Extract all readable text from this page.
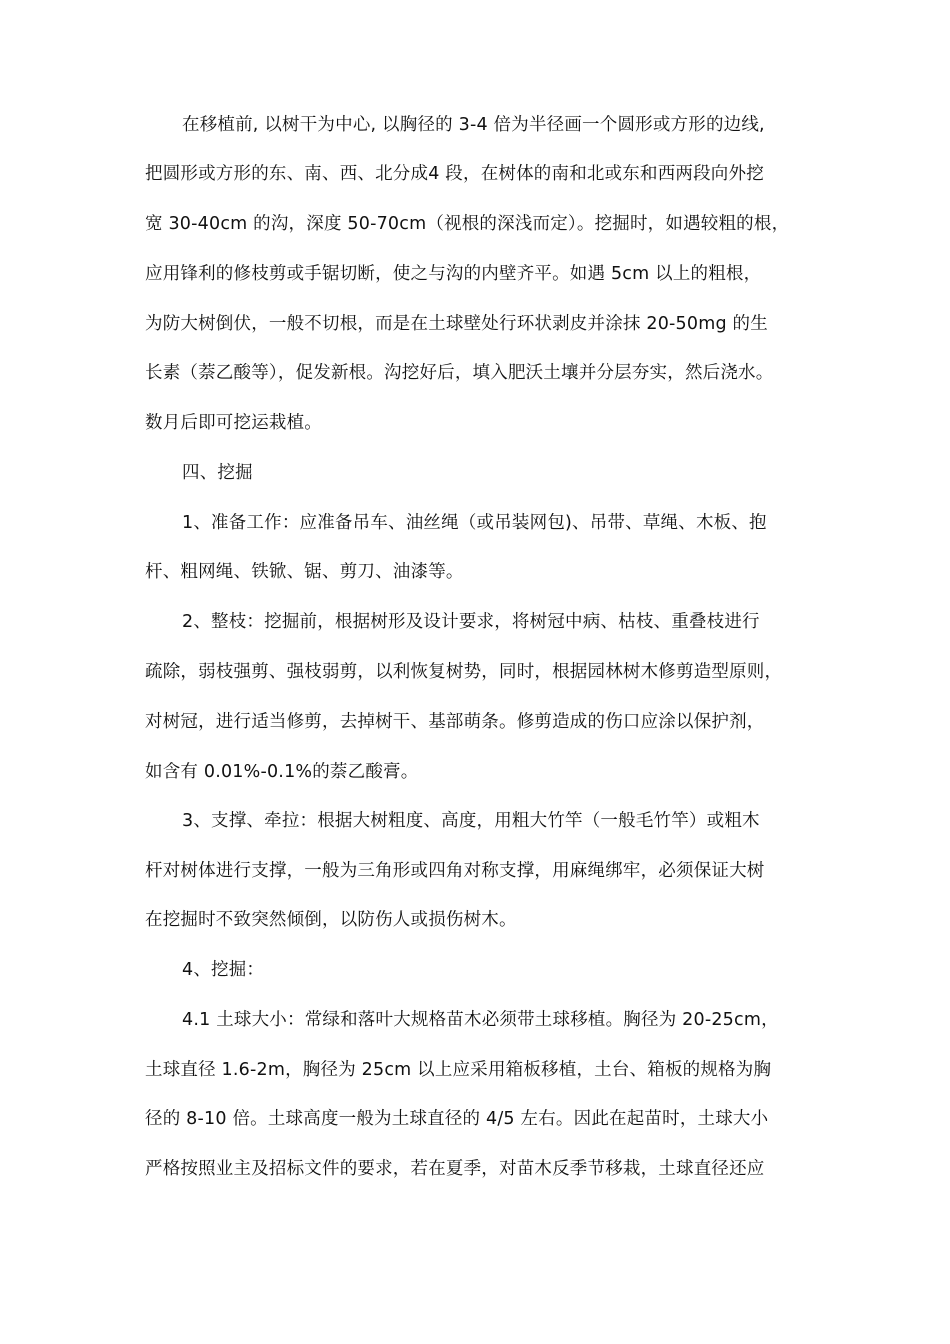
在移植前, 以树干为中心, 以胸径的 3-4 倍为半径画一个圆形或方形的边线,
把圆形或方形的东、南、西、北分成4 段，在树体的南和北或东和西两段向外挖
宽 30-40cm 的沟，深度 50-70cm（视根的深浅而定）。挖掘时，如遇较粗的根，
应用锋利的修枝剪或手锯切断，使之与沟的内壁齐平。如遇 5cm 以上的粗根，
为防大树倒伏，一般不切根，而是在土球壁处行环状剥皮并涂抹 20-50mg 的生
长素（萘乙酸等），促发新根。沟挖好后，填入肥沃土壤并分层夯实，然后浇水。
数月后即可挖运栽植。
四、挖掘
1、准备工作：应准备吊车、油丝绳（或吊装网包)、吊带、草绳、木板、抱
杆、粗网绳、铁锨、锯、剪刀、油漆等。
2、整枝：挖掘前，根据树形及设计要求，将树冠中病、枯枝、重叠枝进行
疏除，弱枝强剪、强枝弱剪，以利恢复树势，同时，根据园林树木修剪造型原则，
对树冠，进行适当修剪，去掉树干、基部萌条。修剪造成的伤口应涂以保护剂，
如含有 0.01%-0.1%的萘乙酸膏。
3、支撑、牵拉：根据大树粗度、高度，用粗大竹竿（一般毛竹竿）或粗木
杆对树体进行支撑，一般为三角形或四角对称支撑，用麻绳绑牢，必须保证大树
在挖掘时不致突然倾倒，以防伤人或损伤树木。
4、挖掘：
4.1 土球大小：常绿和落叶大规格苗木必须带土球移植。胸径为 20-25cm，
土球直径 1.6-2m，胸径为 25cm 以上应采用箱板移植，土台、箱板的规格为胸
径的 8-10 倍。土球高度一般为土球直径的 4/5 左右。因此在起苗时，土球大小
严格按照业主及招标文件的要求，若在夏季，对苗木反季节移栽，土球直径还应
